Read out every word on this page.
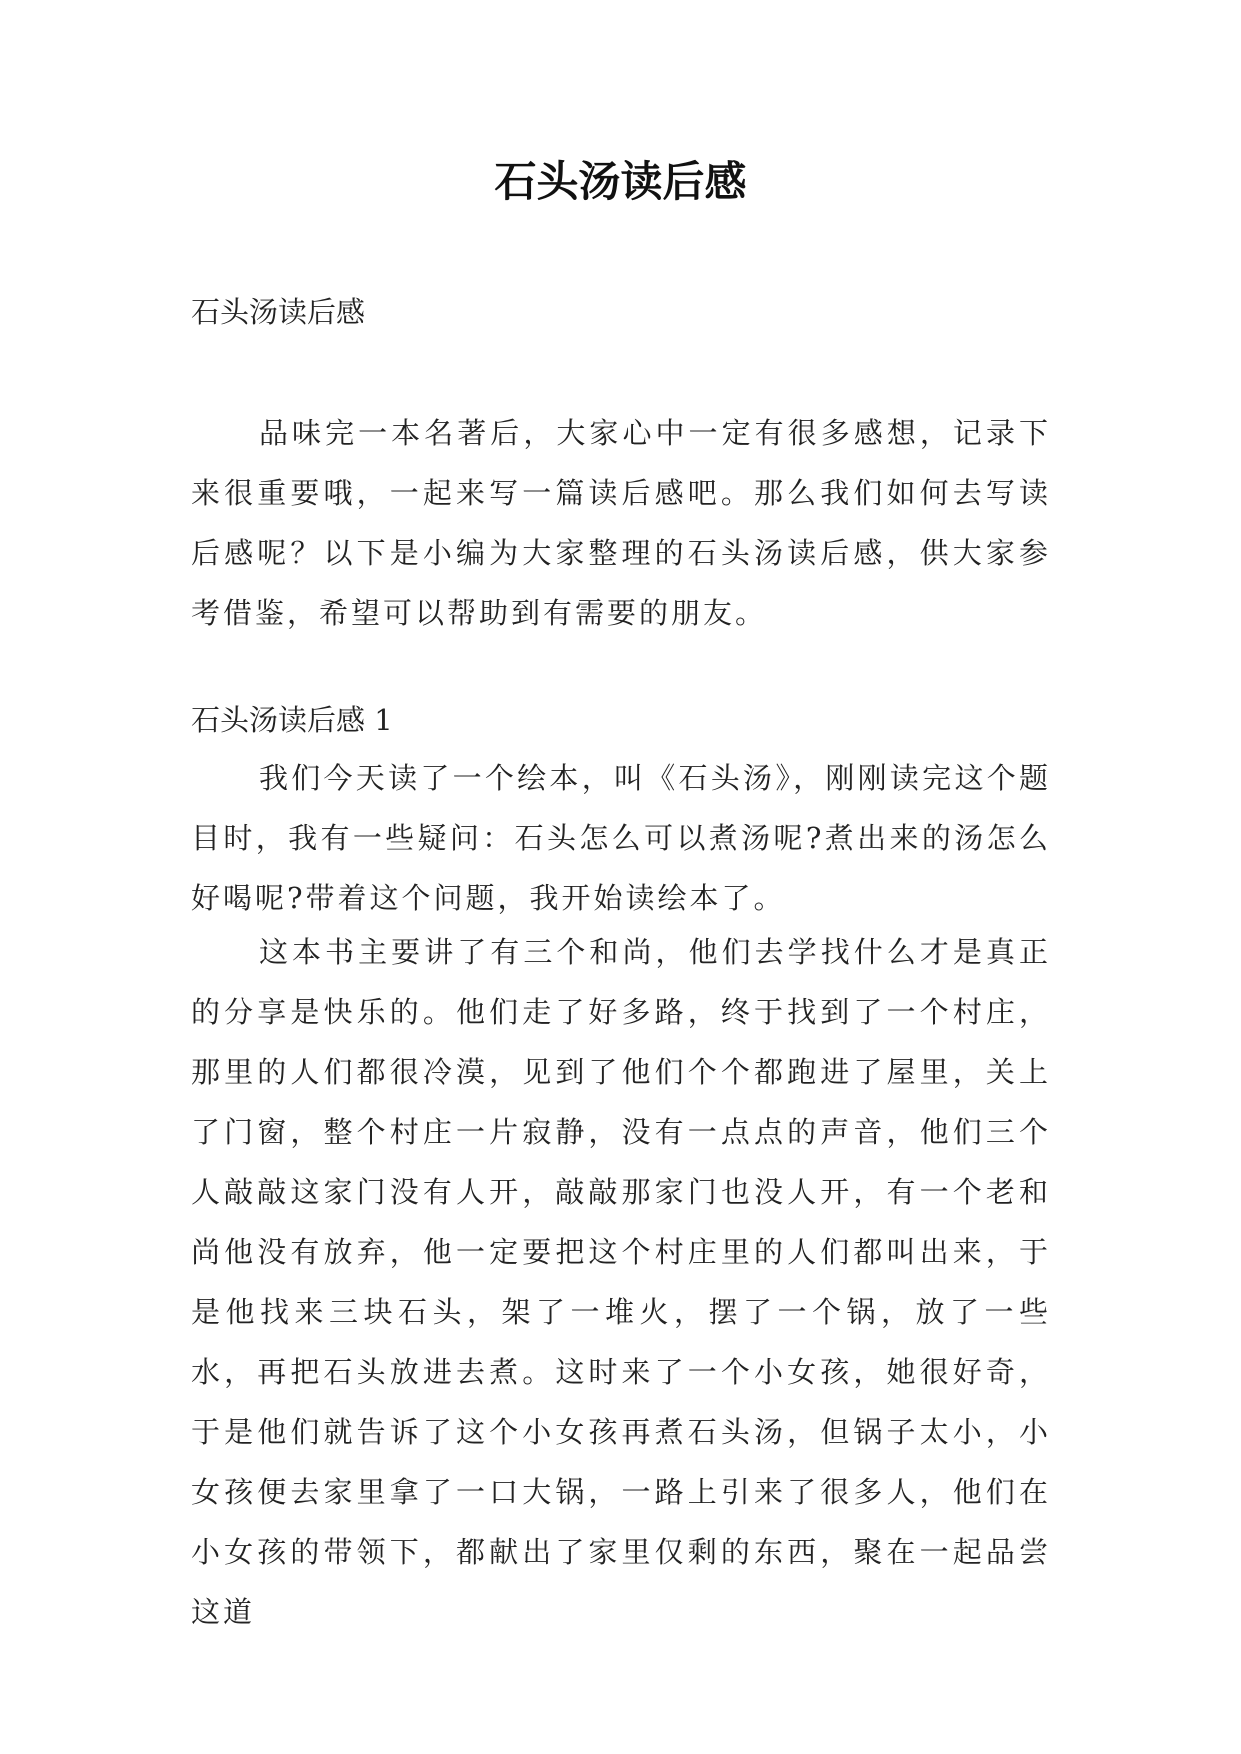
石头汤读后感

石头汤读后感

品味完一本名著后，大家心中一定有很多感想，记录下来很重要哦，一起来写一篇读后感吧。那么我们如何去写读后感呢？以下是小编为大家整理的石头汤读后感，供大家参考借鉴，希望可以帮助到有需要的朋友。

石头汤读后感 1

我们今天读了一个绘本，叫《石头汤》，刚刚读完这个题目时，我有一些疑问：石头怎么可以煮汤呢?煮出来的汤怎么好喝呢?带着这个问题，我开始读绘本了。

这本书主要讲了有三个和尚，他们去学找什么才是真正的分享是快乐的。他们走了好多路，终于找到了一个村庄，那里的人们都很冷漠，见到了他们个个都跑进了屋里，关上了门窗，整个村庄一片寂静，没有一点点的声音，他们三个人敲敲这家门没有人开，敲敲那家门也没人开，有一个老和尚他没有放弃，他一定要把这个村庄里的人们都叫出来，于是他找来三块石头，架了一堆火，摆了一个锅，放了一些水，再把石头放进去煮。这时来了一个小女孩，她很好奇，于是他们就告诉了这个小女孩再煮石头汤，但锅子太小，小女孩便去家里拿了一口大锅，一路上引来了很多人，他们在小女孩的带领下，都献出了家里仅剩的东西，聚在一起品尝这道
